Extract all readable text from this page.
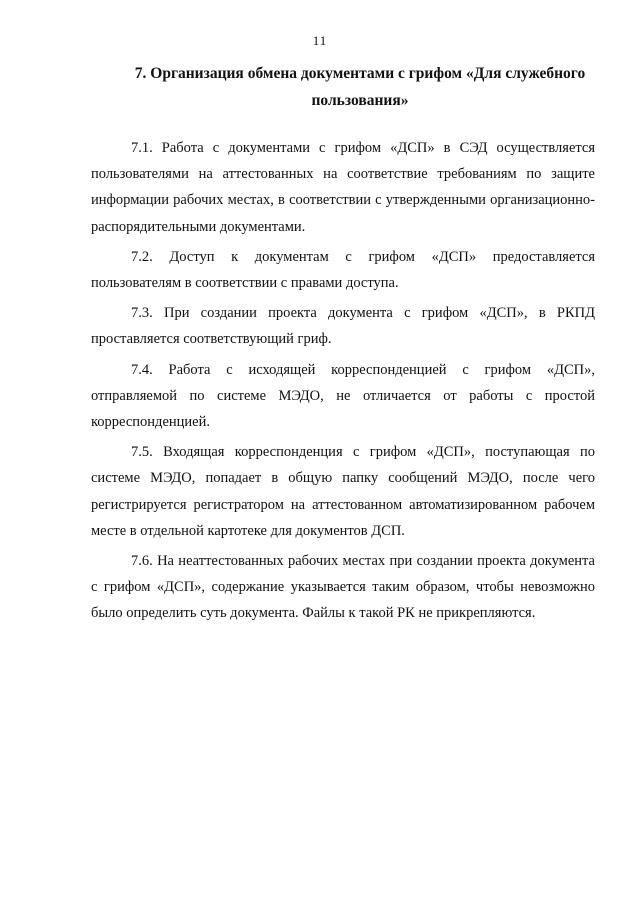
11
7. Организация обмена документами с грифом «Для служебного пользования»

7.1. Работа с документами с грифом «ДСП» в СЭД осуществляется пользователями на аттестованных на соответствие требованиям по защите информации рабочих местах, в соответствии с утвержденными организационно-распорядительными документами.

7.2. Доступ к документам с грифом «ДСП» предоставляется пользователям в соответствии с правами доступа.

7.3. При создании проекта документа с грифом «ДСП», в РКПД проставляется соответствующий гриф.

7.4. Работа с исходящей корреспонденцией с грифом «ДСП», отправляемой по системе МЭДО, не отличается от работы с простой корреспонденцией.

7.5. Входящая корреспонденция с грифом «ДСП», поступающая по системе МЭДО, попадает в общую папку сообщений МЭДО, после чего регистрируется регистратором на аттестованном автоматизированном рабочем месте в отдельной картотеке для документов ДСП.

7.6. На неаттестованных рабочих местах при создании проекта документа с грифом «ДСП», содержание указывается таким образом, чтобы невозможно было определить суть документа. Файлы к такой РК не прикрепляются.
